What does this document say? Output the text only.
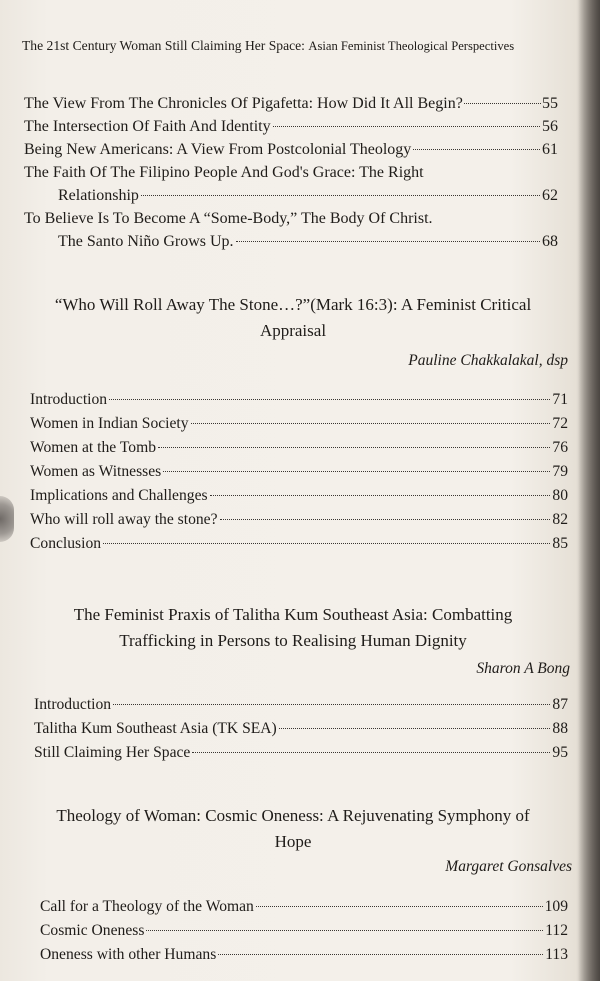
The 21st Century Woman Still Claiming Her Space: Asian Feminist Theological Perspectives
The View From The Chronicles Of Pigafetta: How Did It All Begin?	55
The Intersection Of Faith And Identity	56
Being New Americans: A View From Postcolonial Theology	61
The Faith Of The Filipino People And God's Grace: The Right
Relationship	62
To Believe Is To Become A “Some-Body,” The Body Of Christ.
The Santo Niño Grows Up.	68
“Who Will Roll Away The Stone…?”(Mark 16:3): A Feminist Critical
Appraisal
Pauline Chakkalakal, dsp
Introduction	71
Women in Indian Society	72
Women at the Tomb	76
Women as Witnesses	79
Implications and Challenges	80
Who will roll away the stone?	82
Conclusion	85
The Feminist Praxis of Talitha Kum Southeast Asia: Combatting
Trafficking in Persons to Realising Human Dignity
Sharon A Bong
Introduction	87
Talitha Kum Southeast Asia (TK SEA)	88
Still Claiming Her Space	95
Theology of Woman: Cosmic Oneness: A Rejuvenating Symphony of
Hope
Margaret Gonsalves
Call for a Theology of the Woman	109
Cosmic Oneness	112
Oneness with other Humans	113
